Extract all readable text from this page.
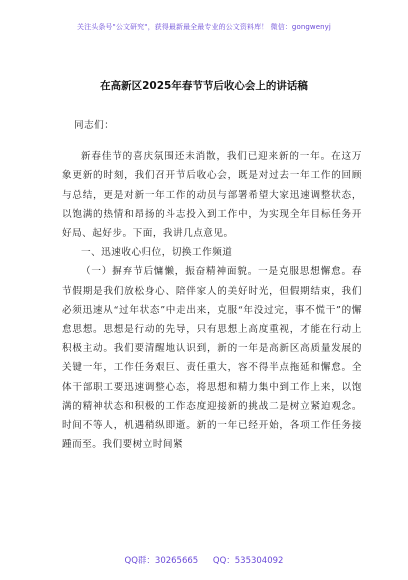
关注头条号"公文研究"，获得最新最全最专业的公文资料库！ 微信：gongwenyj
在高新区2025年春节节后收心会上的讲话稿

同志们：

新春佳节的喜庆氛围还未消散，我们已迎来新的一年。在这万象更新的时刻，我们召开节后收心会，既是对过去一年工作的回顾与总结，更是对新一年工作的动员与部署希望大家迅速调整状态，以饱满的热情和昂扬的斗志投入到工作中，为实现全年目标任务开好局、起好步。下面，我讲几点意见。

一、迅速收心归位，切换工作频道

（一）摒弃节后慵懒，振奋精神面貌。一是克服思想懈怠。春节假期是我们放松身心、陪伴家人的美好时光，但假期结束，我们必须迅速从“过年状态”中走出来，克服“年没过完，事不慌干”的懈怠思想。思想是行动的先导，只有思想上高度重视，才能在行动上积极主动。我们要清醒地认识到，新的一年是高新区高质量发展的关键一年，工作任务艰巨、责任重大，容不得半点拖延和懈怠。全体干部职工要迅速调整心态，将思想和精力集中到工作上来，以饱满的精神状态和积极的工作态度迎接新的挑战二是树立紧迫观念。时间不等人，机遇稍纵即逝。新的一年已经开始，各项工作任务接踵而至。我们要树立时间紧

QQ群：30265665 QQ：535304092
